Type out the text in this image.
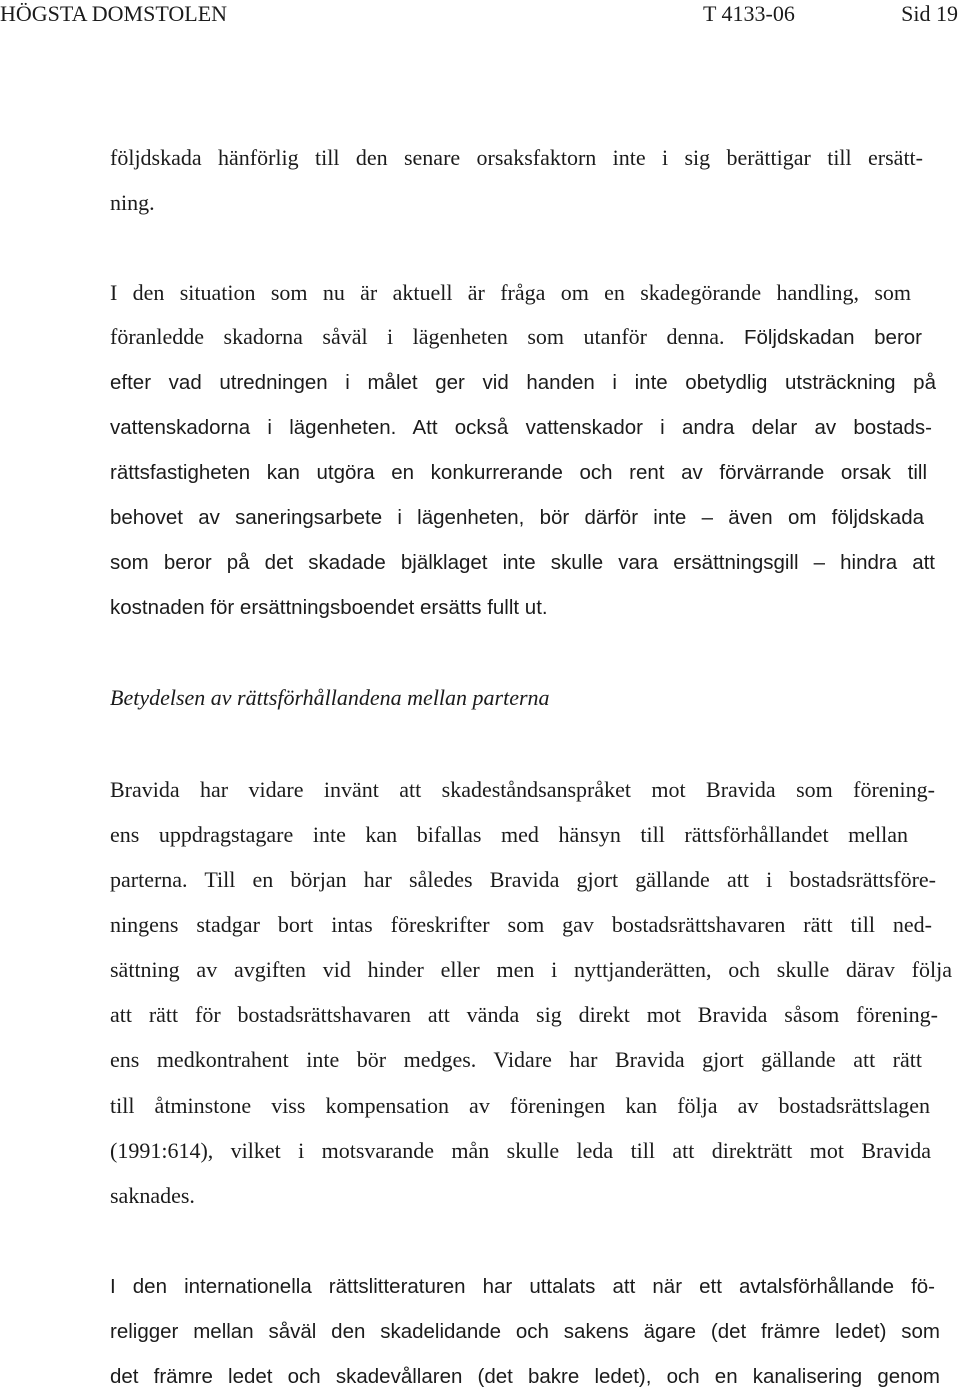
HÖGSTA DOMSTOLEN	T 4133-06	Sid 19
följdskada hänförlig till den senare orsaksfaktorn inte i sig berättigar till ersätt-
ning.
I den situation som nu är aktuell är fråga om en skadegörande handling, som
föranledde skadorna såväl i lägenheten som utanför denna. Följdskadan beror
efter vad utredningen i målet ger vid handen i inte obetydlig utsträckning på
vattenskadorna i lägenheten. Att också vattenskador i andra delar av bostads-
rättsfastigheten kan utgöra en konkurrerande och rent av förvärrande orsak till
behovet av saneringsarbete i lägenheten, bör därför inte – även om följdskada
som beror på det skadade bjälklaget inte skulle vara ersättningsgill – hindra att
kostnaden för ersättningsboendet ersätts fullt ut.
Betydelsen av rättsförhållandena mellan parterna
Bravida har vidare invänt att skadeståndsanspråket mot Bravida som förening-
ens uppdragstagare inte kan bifallas med hänsyn till rättsförhållandet mellan
parterna. Till en början har således Bravida gjort gällande att i bostadsrättsföre-
ningens stadgar bort intas föreskrifter som gav bostadsrättshavaren rätt till ned-
sättning av avgiften vid hinder eller men i nyttjanderätten, och skulle därav följa
att rätt för bostadsrättshavaren att vända sig direkt mot Bravida såsom förening-
ens medkontrahent inte bör medges. Vidare har Bravida gjort gällande att rätt
till åtminstone viss kompensation av föreningen kan följa av bostadsrättslagen
(1991:614), vilket i motsvarande mån skulle leda till att direkträtt mot Bravida
saknades.
I den internationella rättslitteraturen har uttalats att när ett avtalsförhållande fö-
religger mellan såväl den skadelidande och sakens ägare (det främre ledet) som
det främre ledet och skadevållaren (det bakre ledet), och en kanalisering genom
